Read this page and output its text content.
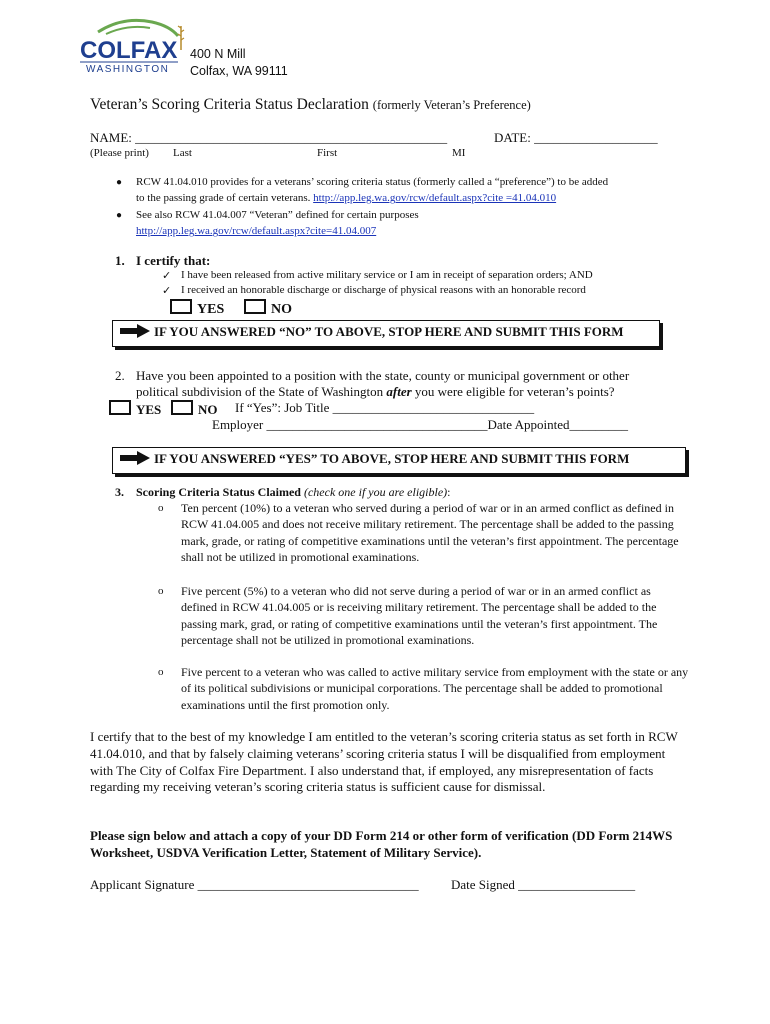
COLFAX
WASHINGTON
400 N Mill
Colfax, WA 99111
Veteran’s Scoring Criteria Status Declaration (formerly Veteran’s Preference)
NAME: ________________________________________________	DATE: ___________________
(Please print) Last	First	MI
● RCW 41.04.010 provides for a veterans’ scoring criteria status (formerly called a “preference”) to be added
to the passing grade of certain veterans. http://app.leg.wa.gov/rcw/default.aspx?cite =41.04.010
● See also RCW 41.04.007 “Veteran” defined for certain purposes
http://app.leg.wa.gov/rcw/default.aspx?cite=41.04.007
1. I certify that:
✓ I have been released from active military service or I am in receipt of separation orders; AND
✓ I received an honorable discharge or discharge of physical reasons with an honorable record
YES	NO
IF YOU ANSWERED “NO” TO ABOVE, STOP HERE AND SUBMIT THIS FORM
2. Have you been appointed to a position with the state, county or municipal government or other
political subdivision of the State of Washington after you were eligible for veteran’s points?
YES	NO If “Yes”: Job Title _______________________________
Employer __________________________________Date Appointed_________
IF YOU ANSWERED “YES” TO ABOVE, STOP HERE AND SUBMIT THIS FORM
3. Scoring Criteria Status Claimed (check one if you are eligible):
o Ten percent (10%) to a veteran who served during a period of war or in an armed conflict as defined in RCW 41.04.005 and does not receive military retirement. The percentage shall be added to the passing mark, grade, or rating of competitive examinations until the veteran’s first appointment. The percentage shall not be utilized in promotional examinations.
o Five percent (5%) to a veteran who did not serve during a period of war or in an armed conflict as defined in RCW 41.04.005 or is receiving military retirement. The percentage shall be added to the passing mark, grad, or rating of competitive examinations until the veteran’s first appointment. The percentage shall not be utilized in promotional examinations.
o Five percent to a veteran who was called to active military service from employment with the state or any of its political subdivisions or municipal corporations. The percentage shall be added to promotional examinations until the first promotion only.
I certify that to the best of my knowledge I am entitled to the veteran’s scoring criteria status as set forth in RCW 41.04.010, and that by falsely claiming veterans’ scoring criteria status I will be disqualified from employment with The City of Colfax Fire Department. I also understand that, if employed, any misrepresentation of facts regarding my receiving veteran’s scoring criteria status is sufficient cause for dismissal.
Please sign below and attach a copy of your DD Form 214 or other form of verification (DD Form 214WS Worksheet, USDVA Verification Letter, Statement of Military Service).
Applicant Signature __________________________________ Date Signed __________________
